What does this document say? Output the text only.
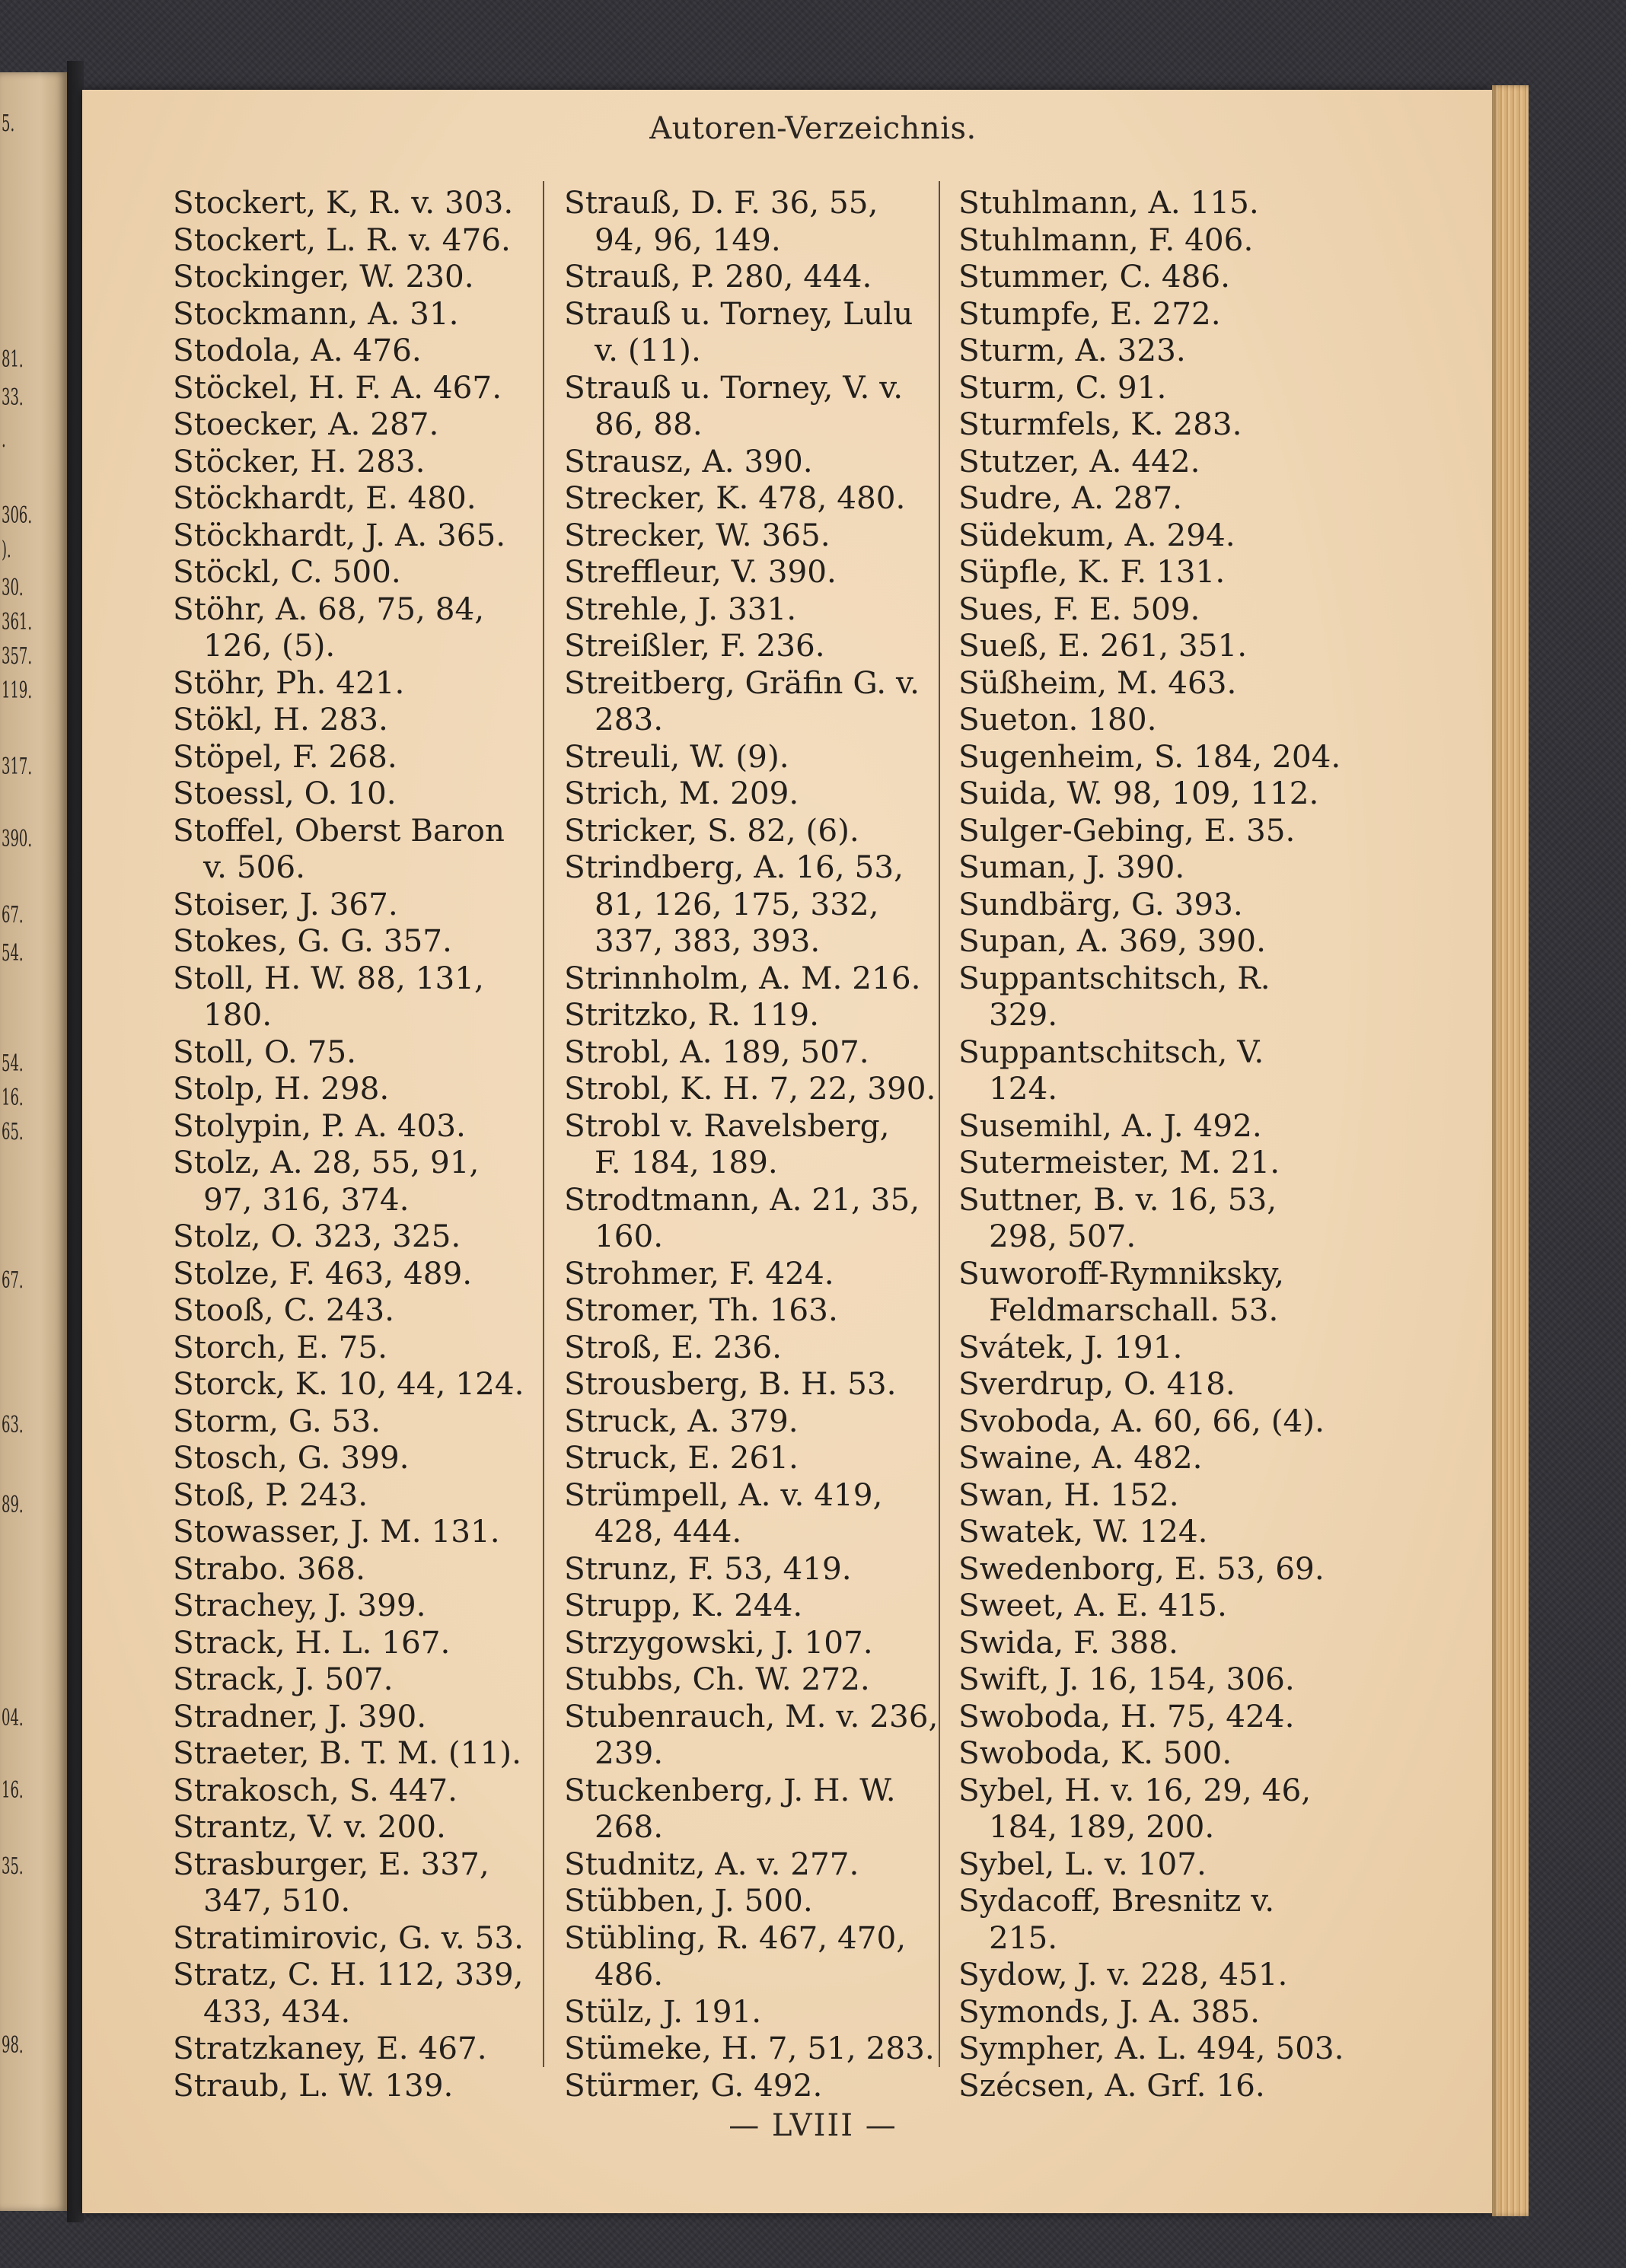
5.
81.
33.
.
306.
).
30.
361.
357.
119.
317.
390.
67.
54.
54.
16.
65.
67.
63.
89.
04.
16.
35.
98.
Autoren-Verzeichnis.
Stockert, K, R. v. 303.
Stockert, L. R. v. 476.
Stockinger, W. 230.
Stockmann, A. 31.
Stodola, A. 476.
Stöckel, H. F. A. 467.
Stoecker, A. 287.
Stöcker, H. 283.
Stöckhardt, E. 480.
Stöckhardt, J. A. 365.
Stöckl, C. 500.
Stöhr, A. 68, 75, 84,
126, (5).
Stöhr, Ph. 421.
Stökl, H. 283.
Stöpel, F. 268.
Stoessl, O. 10.
Stoffel, Oberst Baron
v. 506.
Stoiser, J. 367.
Stokes, G. G. 357.
Stoll, H. W. 88, 131,
180.
Stoll, O. 75.
Stolp, H. 298.
Stolypin, P. A. 403.
Stolz, A. 28, 55, 91,
97, 316, 374.
Stolz, O. 323, 325.
Stolze, F. 463, 489.
Stooß, C. 243.
Storch, E. 75.
Storck, K. 10, 44, 124.
Storm, G. 53.
Stosch, G. 399.
Stoß, P. 243.
Stowasser, J. M. 131.
Strabo. 368.
Strachey, J. 399.
Strack, H. L. 167.
Strack, J. 507.
Stradner, J. 390.
Straeter, B. T. M. (11).
Strakosch, S. 447.
Strantz, V. v. 200.
Strasburger, E. 337,
347, 510.
Stratimirovic, G. v. 53.
Stratz, C. H. 112, 339,
433, 434.
Stratzkaney, E. 467.
Straub, L. W. 139.
Strauß, D. F. 36, 55,
94, 96, 149.
Strauß, P. 280, 444.
Strauß u. Torney, Lulu
v. (11).
Strauß u. Torney, V. v.
86, 88.
Strausz, A. 390.
Strecker, K. 478, 480.
Strecker, W. 365.
Streffleur, V. 390.
Strehle, J. 331.
Streißler, F. 236.
Streitberg, Gräfin G. v.
283.
Streuli, W. (9).
Strich, M. 209.
Stricker, S. 82, (6).
Strindberg, A. 16, 53,
81, 126, 175, 332,
337, 383, 393.
Strinnholm, A. M. 216.
Stritzko, R. 119.
Strobl, A. 189, 507.
Strobl, K. H. 7, 22, 390.
Strobl v. Ravelsberg,
F. 184, 189.
Strodtmann, A. 21, 35,
160.
Strohmer, F. 424.
Stromer, Th. 163.
Stroß, E. 236.
Strousberg, B. H. 53.
Struck, A. 379.
Struck, E. 261.
Strümpell, A. v. 419,
428, 444.
Strunz, F. 53, 419.
Strupp, K. 244.
Strzygowski, J. 107.
Stubbs, Ch. W. 272.
Stubenrauch, M. v. 236,
239.
Stuckenberg, J. H. W.
268.
Studnitz, A. v. 277.
Stübben, J. 500.
Stübling, R. 467, 470,
486.
Stülz, J. 191.
Stümeke, H. 7, 51, 283.
Stürmer, G. 492.
Stuhlmann, A. 115.
Stuhlmann, F. 406.
Stummer, C. 486.
Stumpfe, E. 272.
Sturm, A. 323.
Sturm, C. 91.
Sturmfels, K. 283.
Stutzer, A. 442.
Sudre, A. 287.
Südekum, A. 294.
Süpfle, K. F. 131.
Sues, F. E. 509.
Sueß, E. 261, 351.
Süßheim, M. 463.
Sueton. 180.
Sugenheim, S. 184, 204.
Suida, W. 98, 109, 112.
Sulger-Gebing, E. 35.
Suman, J. 390.
Sundbärg, G. 393.
Supan, A. 369, 390.
Suppantschitsch, R.
329.
Suppantschitsch, V.
124.
Susemihl, A. J. 492.
Sutermeister, M. 21.
Suttner, B. v. 16, 53,
298, 507.
Suworoff-Rymniksky,
Feldmarschall. 53.
Svátek, J. 191.
Sverdrup, O. 418.
Svoboda, A. 60, 66, (4).
Swaine, A. 482.
Swan, H. 152.
Swatek, W. 124.
Swedenborg, E. 53, 69.
Sweet, A. E. 415.
Swida, F. 388.
Swift, J. 16, 154, 306.
Swoboda, H. 75, 424.
Swoboda, K. 500.
Sybel, H. v. 16, 29, 46,
184, 189, 200.
Sybel, L. v. 107.
Sydacoff, Bresnitz v.
215.
Sydow, J. v. 228, 451.
Symonds, J. A. 385.
Sympher, A. L. 494, 503.
Szécsen, A. Grf. 16.
— LVIII —
